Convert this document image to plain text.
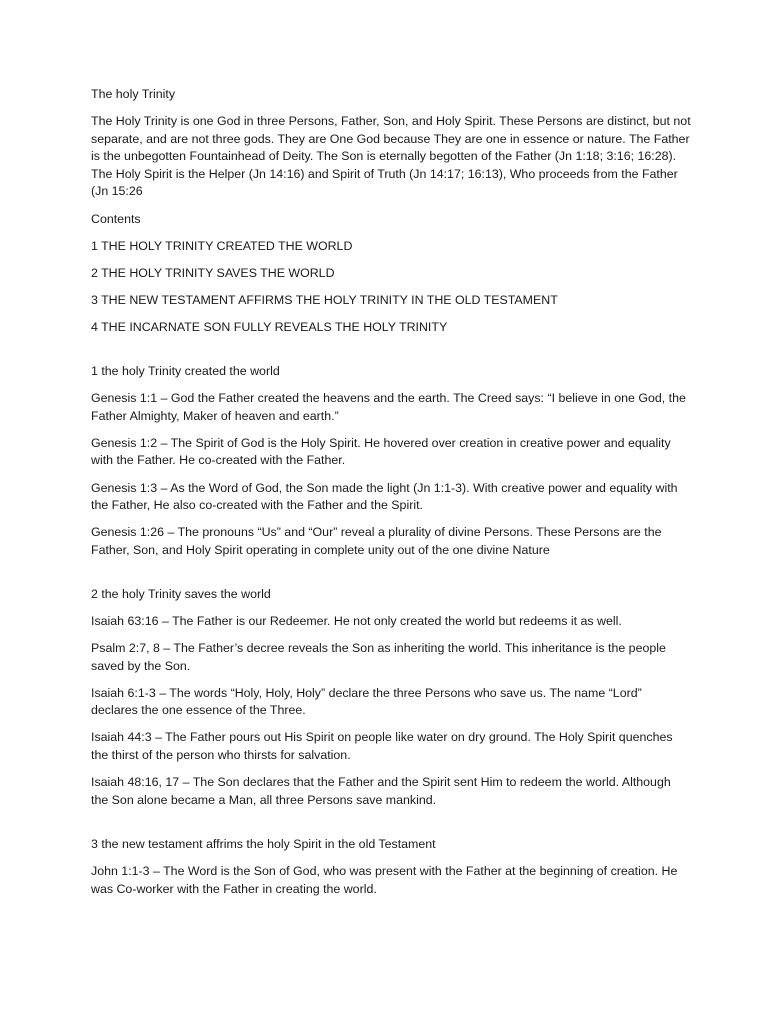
The holy Trinity

The Holy Trinity is one God in three Persons, Father, Son, and Holy Spirit. These Persons are distinct, but not separate, and are not three gods. They are One God because They are one in essence or nature. The Father is the unbegotten Fountainhead of Deity. The Son is eternally begotten of the Father (Jn 1:18; 3:16; 16:28). The Holy Spirit is the Helper (Jn 14:16) and Spirit of Truth (Jn 14:17; 16:13), Who proceeds from the Father (Jn 15:26

Contents

1 THE HOLY TRINITY CREATED THE WORLD

2 THE HOLY TRINITY SAVES THE WORLD

3 THE NEW TESTAMENT AFFIRMS THE HOLY TRINITY IN THE OLD TESTAMENT

4 THE INCARNATE SON FULLY REVEALS THE HOLY TRINITY

1 the holy Trinity created the world

Genesis 1:1 – God the Father created the heavens and the earth. The Creed says: “I believe in one God, the Father Almighty, Maker of heaven and earth.”

Genesis 1:2 – The Spirit of God is the Holy Spirit. He hovered over creation in creative power and equality with the Father. He co-created with the Father.

Genesis 1:3 – As the Word of God, the Son made the light (Jn 1:1-3). With creative power and equality with the Father, He also co-created with the Father and the Spirit.

Genesis 1:26 – The pronouns “Us” and “Our” reveal a plurality of divine Persons. These Persons are the Father, Son, and Holy Spirit operating in complete unity out of the one divine Nature

2 the holy Trinity saves the world

Isaiah 63:16 – The Father is our Redeemer. He not only created the world but redeems it as well.

Psalm 2:7, 8 – The Father’s decree reveals the Son as inheriting the world. This inheritance is the people saved by the Son.

Isaiah 6:1-3 – The words “Holy, Holy, Holy” declare the three Persons who save us. The name “Lord” declares the one essence of the Three.

Isaiah 44:3 – The Father pours out His Spirit on people like water on dry ground. The Holy Spirit quenches the thirst of the person who thirsts for salvation.

Isaiah 48:16, 17 – The Son declares that the Father and the Spirit sent Him to redeem the world. Although the Son alone became a Man, all three Persons save mankind.

3 the new testament affrims the holy Spirit in the old Testament

John 1:1-3 – The Word is the Son of God, who was present with the Father at the beginning of creation. He was Co-worker with the Father in creating the world.
